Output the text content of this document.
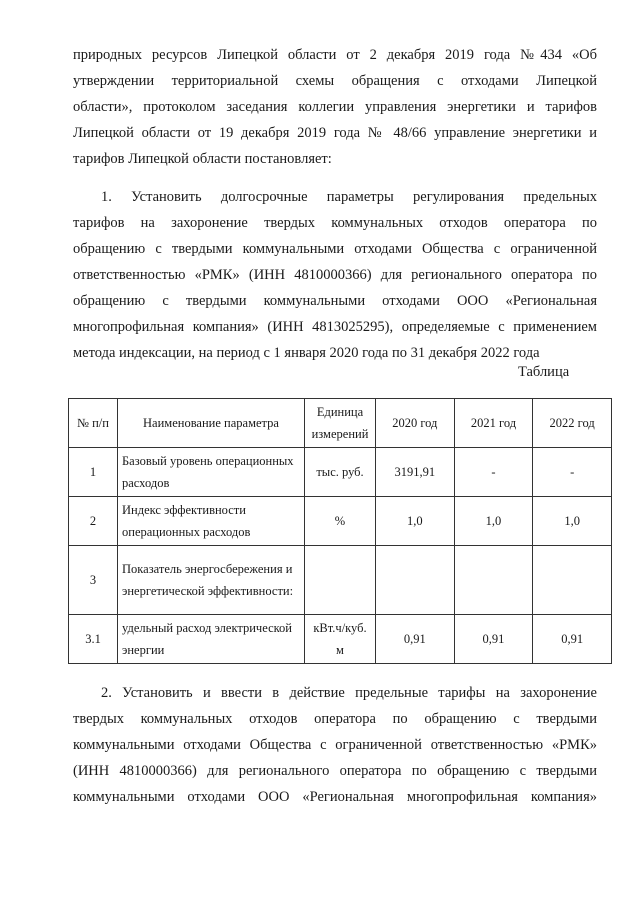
природных ресурсов Липецкой области от 2 декабря 2019 года №434 «Об
утверждении территориальной схемы обращения с отходами Липецкой
области», протоколом заседания коллегии управления энергетики и тарифов
Липецкой области от 19 декабря 2019 года № 48/66 управление энергетики и
тарифов Липецкой области постановляет:
1. Установить долгосрочные параметры регулирования предельных
тарифов на захоронение твердых коммунальных отходов оператора по
обращению с твердыми коммунальными отходами Общества с ограниченной
ответственностью «РМК» (ИНН 4810000366) для регионального оператора по
обращению с твердыми коммунальными отходами ООО «Региональная
многопрофильная компания» (ИНН 4813025295), определяемые с применением
метода индексации, на период с 1 января 2020 года по 31 декабря 2022 года
Таблица
№ п/п	Наименование параметра	Единица измерений	2020 год	2021 год	2022 год
1	Базовый уровень операционных расходов	тыс. руб.	3191,91	-	-
2	Индекс эффективности операционных расходов	%	1,0	1,0	1,0
3	Показатель энергосбережения и энергетической эффективности:				
3.1	удельный расход электрической энергии	кВт.ч/куб. м	0,91	0,91	0,91
2. Установить и ввести в действие предельные тарифы на захоронение
твердых коммунальных отходов оператора по обращению с твердыми
коммунальными отходами Общества с ограниченной ответственностью «РМК»
(ИНН 4810000366) для регионального оператора по обращению с твердыми
коммунальными отходами ООО «Региональная многопрофильная компания»
